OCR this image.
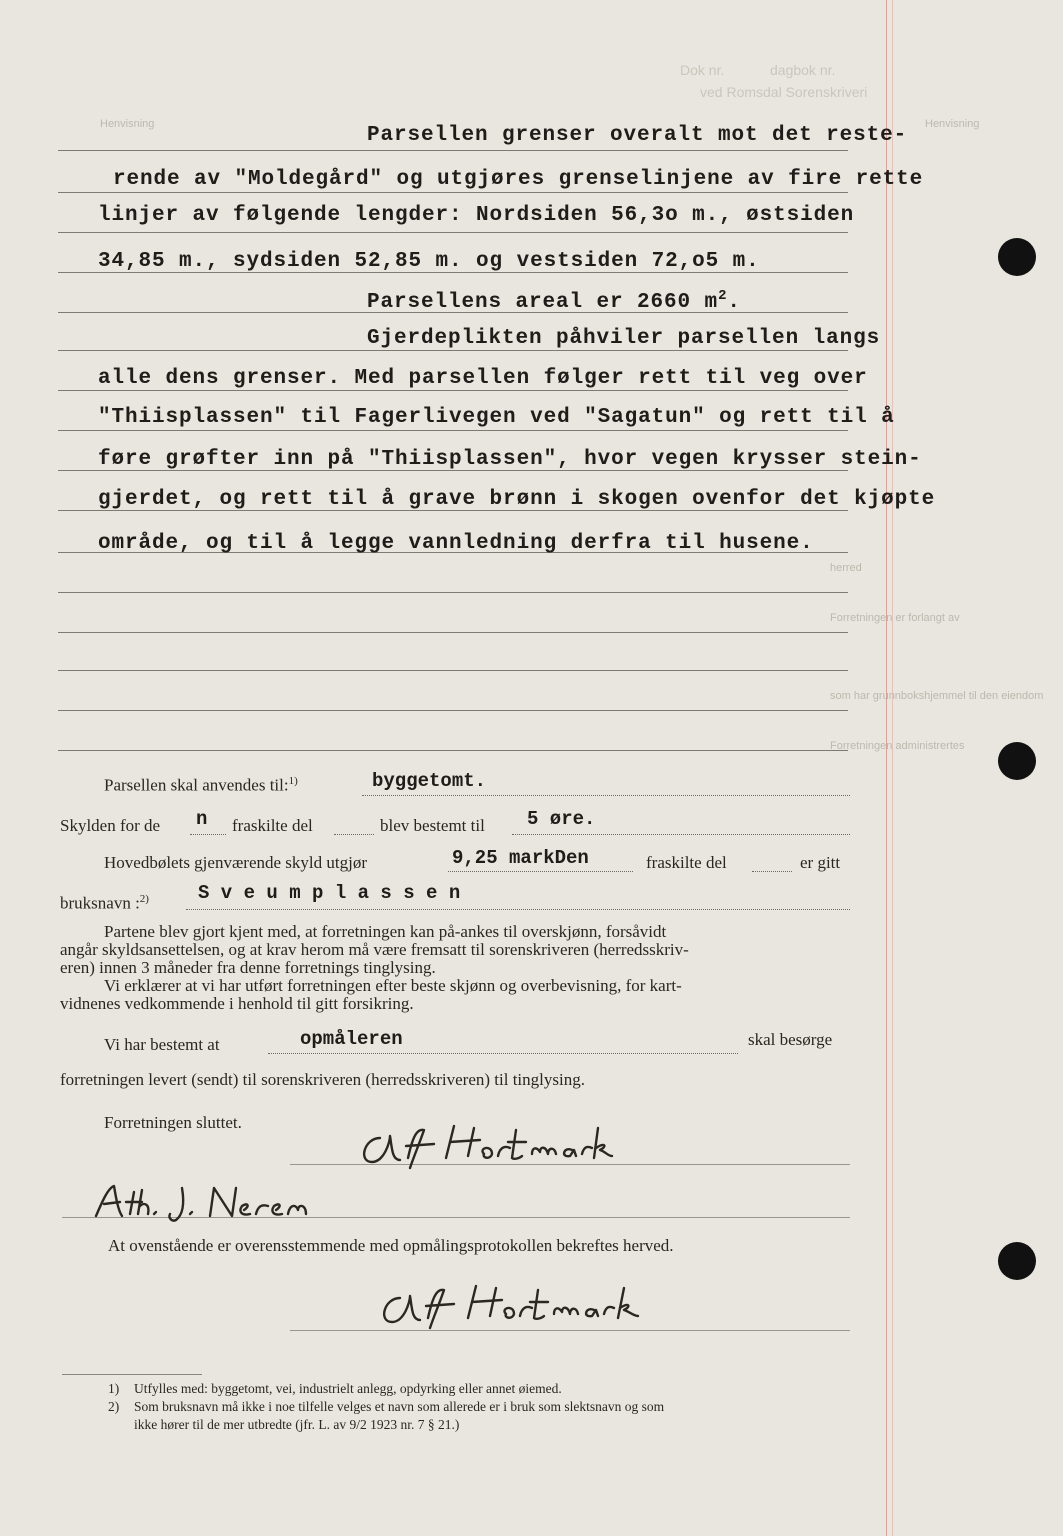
Dok nr.	dagbok nr.
ved Romsdal Sorenskriveri
Henvisning	Henvisning
herred
Forretningen er forlangt av
som har grunnbokshjemmel til den eiendom
Forretningen administrertes
Parsellen grenser overalt mot det reste-
rende av "Moldegård" og utgjøres grenselinjene av fire rette
linjer av følgende lengder: Nordsiden 56,3o m., østsiden
34,85 m., sydsiden 52,85 m. og vestsiden 72,o5 m.
Parsellens areal er 2660 $m^2$.
Gjerdeplikten påhviler parsellen langs
alle dens grenser. Med parsellen følger rett til veg over
"Thiisplassen" til Fagerlivegen ved "Sagatun" og rett til å
føre grøfter inn på "Thiisplassen", hvor vegen krysser stein-
gjerdet, og rett til å grave brønn i skogen ovenfor det kjøpte
område, og til å legge vannledning derfra til husene.
Parsellen skal anvendes til:$^{1)}$	byggetomt.
Skylden for de n fraskilte del	blev bestemt til 5 øre.
Hovedbølets gjenværende skyld utgjør	9,25 markDen	fraskilte del	er gitt
bruksnavn :$^{2)}$	S v e u m p l a s s e n
Partene blev gjort kjent med, at forretningen kan på-ankes til overskjønn, forsåvidt
angår skyldsansettelsen, og at krav herom må være fremsatt til sorenskriveren (herredsskriv-
eren) innen 3 måneder fra denne forretnings tinglysing.
Vi erklærer at vi har utført forretningen efter beste skjønn og overbevisning, for kart-
vidnenes vedkommende i henhold til gitt forsikring.
Vi har bestemt at	opmåleren	skal besørge
forretningen levert (sendt) til sorenskriveren (herredsskriveren) til tinglysing.
Forretningen sluttet.
At ovenstående er overensstemmende med opmålingsprotokollen bekreftes herved.
1) Utfylles med: byggetomt, vei, industrielt anlegg, opdyrking eller annet øiemed.
2) Som bruksnavn må ikke i noe tilfelle velges et navn som allerede er i bruk som slektsnavn og som
ikke hører til de mer utbredte (jfr. L. av 9/2 1923 nr. 7 § 21.)
